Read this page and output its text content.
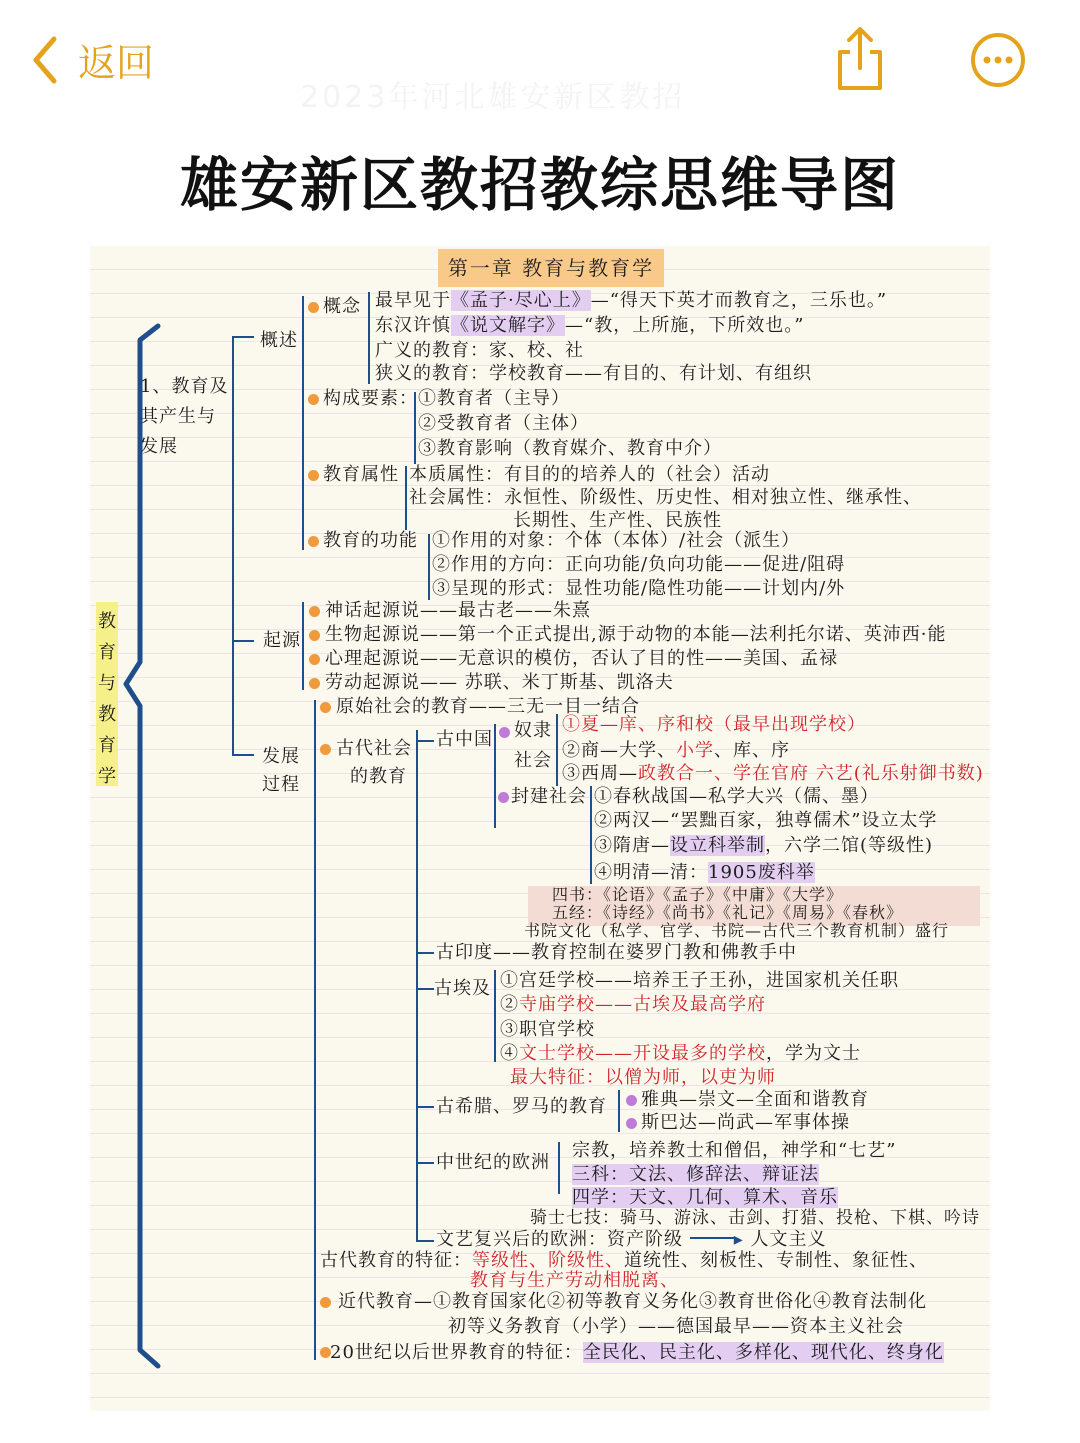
返回
2023年河北雄安新区教招
雄安新区教招教综思维导图
第一章 教育与教育学
教育与教育学
1、教育及其产生与发展
概述
起源
发展
过程
概念 最早见于《孟子·尽心上》—“得天下英才而教育之，三乐也。”
东汉许慎《说文解字》—“教，上所施，下所效也。”
广义的教育：家、校、社
狭义的教育：学校教育——有目的、有计划、有组织
构成要素： ①教育者（主导）
②受教育者（主体）
③教育影响（教育媒介、教育中介）
教育属性 本质属性：有目的的培养人的（社会）活动
社会属性：永恒性、阶级性、历史性、相对独立性、继承性、
长期性、生产性、民族性
教育的功能 ①作用的对象：个体（本体）/社会（派生）
②作用的方向：正向功能/负向功能——促进/阻碍
③呈现的形式：显性功能/隐性功能——计划内/外
神话起源说——最古老——朱熹
生物起源说——第一个正式提出,源于动物的本能—法利托尔诺、英沛西·能
心理起源说——无意识的模仿，否认了目的性——美国、孟禄
劳动起源说—— 苏联、米丁斯基、凯洛夫
原始社会的教育——三无一目一结合
古代社会
的教育
古中国 奴隶
社会
①夏—庠、序和校（最早出现学校）
②商—大学、小学、库、序
③西周—政教合一、学在官府 六艺(礼乐射御书数)
封建社会 ①春秋战国—私学大兴（儒、墨）
②两汉—“罢黜百家，独尊儒术”设立太学
③隋唐—设立科举制，六学二馆(等级性)
④明清—清：1905废科举
四书：《论语》《孟子》《中庸》《大学》
五经：《诗经》《尚书》《礼记》《周易》《春秋》
书院文化（私学、官学、书院—古代三个教育机制）盛行
古印度——教育控制在婆罗门教和佛教手中
古埃及 ①宫廷学校——培养王子王孙，进国家机关任职
②寺庙学校——古埃及最高学府
③职官学校
④文士学校——开设最多的学校，学为文士
最大特征：以僧为师，以吏为师
古希腊、罗马的教育 雅典—崇文—全面和谐教育
斯巴达—尚武—军事体操
中世纪的欧洲
宗教，培养教士和僧侣，神学和“七艺”
三科：文法、修辞法、辩证法
四学：天文、几何、算术、音乐
骑士七技：骑马、游泳、击剑、打猎、投枪、下棋、吟诗
文艺复兴后的欧洲：资产阶级	▸ 人文主义
古代教育的特征：等级性、阶级性、道统性、刻板性、专制性、象征性、
教育与生产劳动相脱离、
近代教育—①教育国家化②初等教育义务化③教育世俗化④教育法制化
初等义务教育（小学）——德国最早——资本主义社会
20世纪以后世界教育的特征：全民化、民主化、多样化、现代化、终身化
